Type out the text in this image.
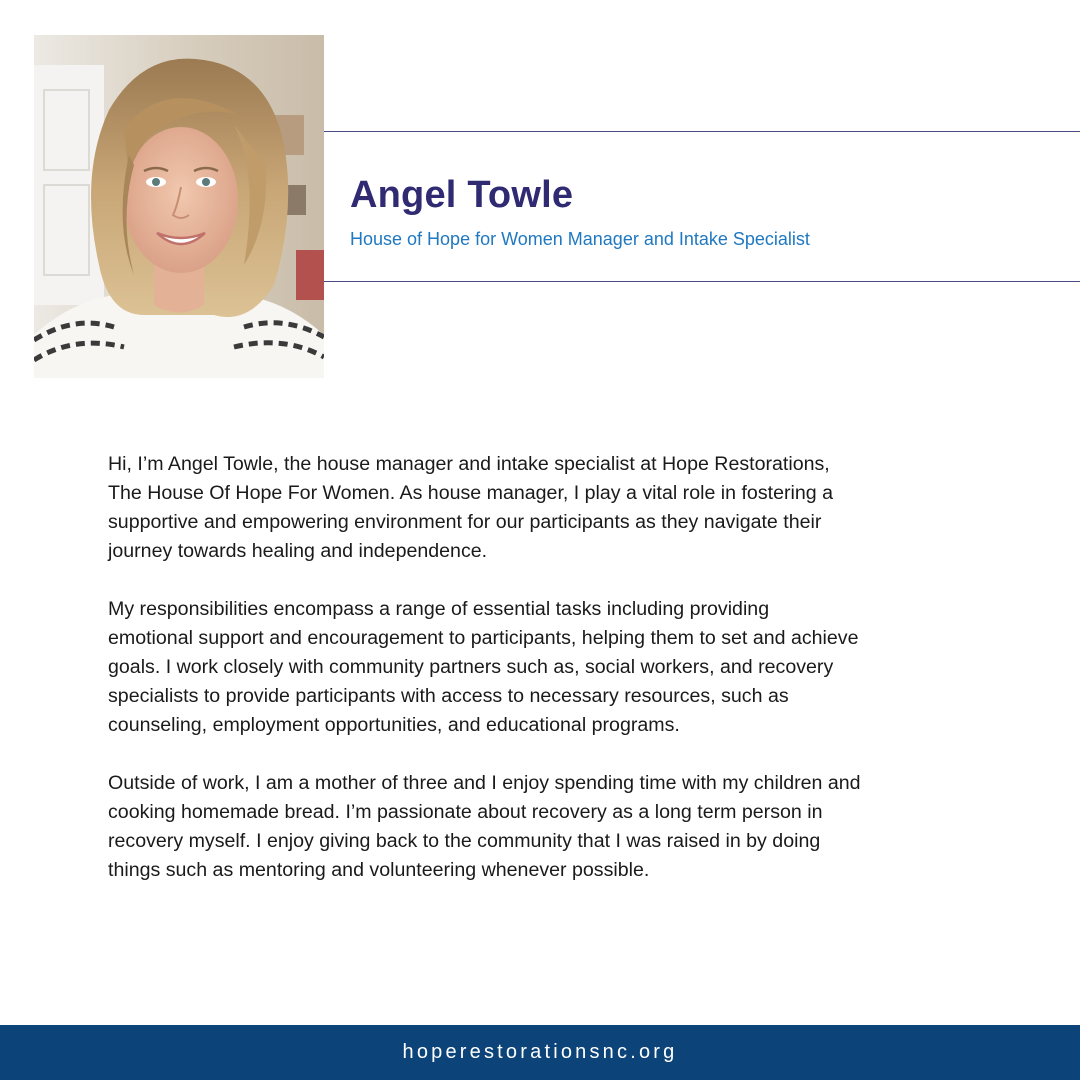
Angel Towle
House of Hope for Women Manager and Intake Specialist

Hi, I’m Angel Towle, the house manager and intake specialist at Hope Restorations,
The House Of Hope For Women. As house manager, I play a vital role in fostering a
supportive and empowering environment for our participants as they navigate their
journey towards healing and independence.

My responsibilities encompass a range of essential tasks including providing
emotional support and encouragement to participants, helping them to set and achieve
goals. I work closely with community partners such as, social workers, and recovery
specialists to provide participants with access to necessary resources, such as
counseling, employment opportunities, and educational programs.

Outside of work, I am a mother of three and I enjoy spending time with my children and
cooking homemade bread. I’m passionate about recovery as a long term person in
recovery myself. I enjoy giving back to the community that I was raised in by doing
things such as mentoring and volunteering whenever possible.

hoperestorationsnc.org
